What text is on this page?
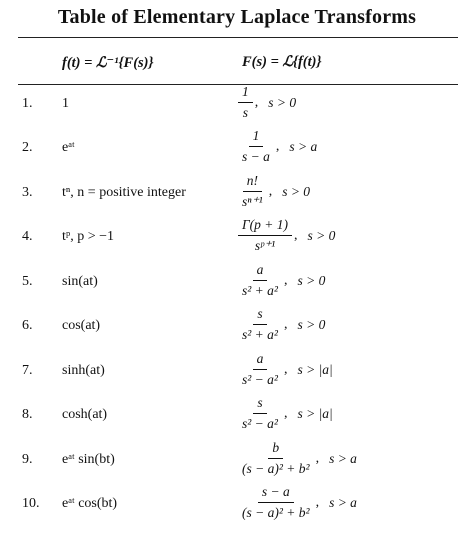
Table of Elementary Laplace Transforms
f(t) = ℒ⁻¹{F(s)}	F(s) = ℒ{f(t)}
1. 1	$\frac{1}{s}$ , s > 0
2. eᵃᵗ	$\frac{1}{s - a}$ , s > a
3. tⁿ, n = positive integer	$\frac{n!}{\text{sⁿ⁺¹}}$ , s > 0
4. tᵖ, p > −1	$\frac{\Gamma(p + 1)}{\text{sᵖ⁺¹}}$ , s > 0
5. sin(at)	$\frac{a}{\text{s² + a²}}$ , s > 0
6. cos(at)	$\frac{s}{\text{s² + a²}}$ , s > 0
7. sinh(at)	$\frac{a}{\text{s² − a²}}$ , s > |a|
8. cosh(at)	$\frac{s}{\text{s² − a²}}$ , s > |a|
9. eᵃᵗ sin(bt)	$\frac{b}{\text{(s − a)² + b²}}$ , s > a
10. eᵃᵗ cos(bt)	$\frac{s - a}{\text{(s − a)² + b²}}$ , s > a
